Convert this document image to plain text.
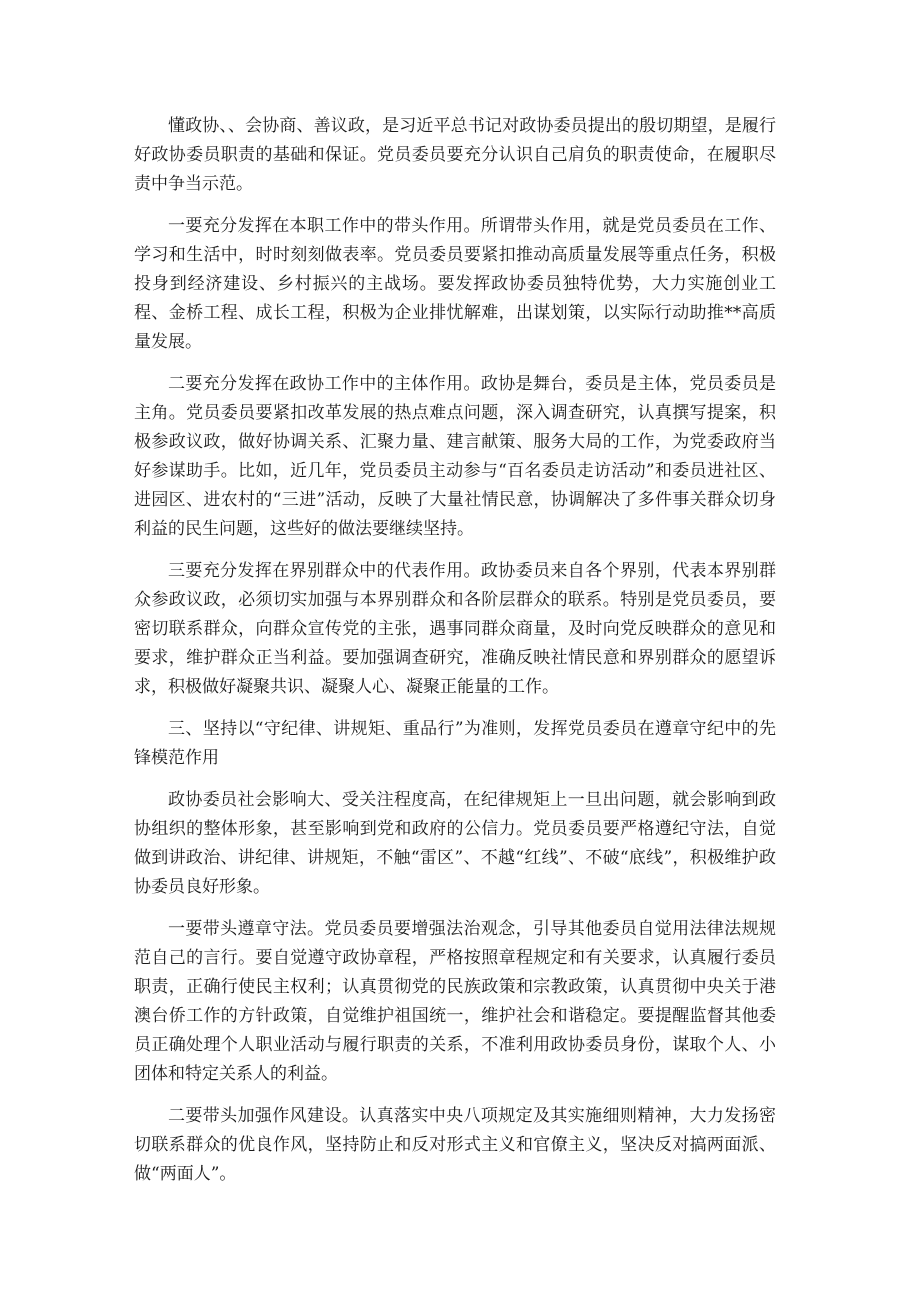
懂政协、、会协商、善议政，是习近平总书记对政协委员提出的殷切期望，是履行好政协委员职责的基础和保证。党员委员要充分认识自己肩负的职责使命，在履职尽责中争当示范。

一要充分发挥在本职工作中的带头作用。所谓带头作用，就是党员委员在工作、学习和生活中，时时刻刻做表率。党员委员要紧扣推动高质量发展等重点任务，积极投身到经济建设、乡村振兴的主战场。要发挥政协委员独特优势，大力实施创业工程、金桥工程、成长工程，积极为企业排忧解难，出谋划策，以实际行动助推**高质量发展。

二要充分发挥在政协工作中的主体作用。政协是舞台，委员是主体，党员委员是主角。党员委员要紧扣改革发展的热点难点问题，深入调查研究，认真撰写提案，积极参政议政，做好协调关系、汇聚力量、建言献策、服务大局的工作，为党委政府当好参谋助手。比如，近几年，党员委员主动参与“百名委员走访活动”和委员进社区、进园区、进农村的“三进”活动，反映了大量社情民意，协调解决了多件事关群众切身利益的民生问题，这些好的做法要继续坚持。

三要充分发挥在界别群众中的代表作用。政协委员来自各个界别，代表本界别群众参政议政，必须切实加强与本界别群众和各阶层群众的联系。特别是党员委员，要密切联系群众，向群众宣传党的主张，遇事同群众商量，及时向党反映群众的意见和要求，维护群众正当利益。要加强调查研究，准确反映社情民意和界别群众的愿望诉求，积极做好凝聚共识、凝聚人心、凝聚正能量的工作。

三、坚持以“守纪律、讲规矩、重品行”为准则，发挥党员委员在遵章守纪中的先锋模范作用

政协委员社会影响大、受关注程度高，在纪律规矩上一旦出问题，就会影响到政协组织的整体形象，甚至影响到党和政府的公信力。党员委员要严格遵纪守法，自觉做到讲政治、讲纪律、讲规矩，不触“雷区”、不越“红线”、不破“底线”，积极维护政协委员良好形象。

一要带头遵章守法。党员委员要增强法治观念，引导其他委员自觉用法律法规规范自己的言行。要自觉遵守政协章程，严格按照章程规定和有关要求，认真履行委员职责，正确行使民主权利；认真贯彻党的民族政策和宗教政策，认真贯彻中央关于港澳台侨工作的方针政策，自觉维护祖国统一，维护社会和谐稳定。要提醒监督其他委员正确处理个人职业活动与履行职责的关系，不准利用政协委员身份，谋取个人、小团体和特定关系人的利益。

二要带头加强作风建设。认真落实中央八项规定及其实施细则精神，大力发扬密切联系群众的优良作风，坚持防止和反对形式主义和官僚主义，坚决反对搞两面派、做“两面人”。
